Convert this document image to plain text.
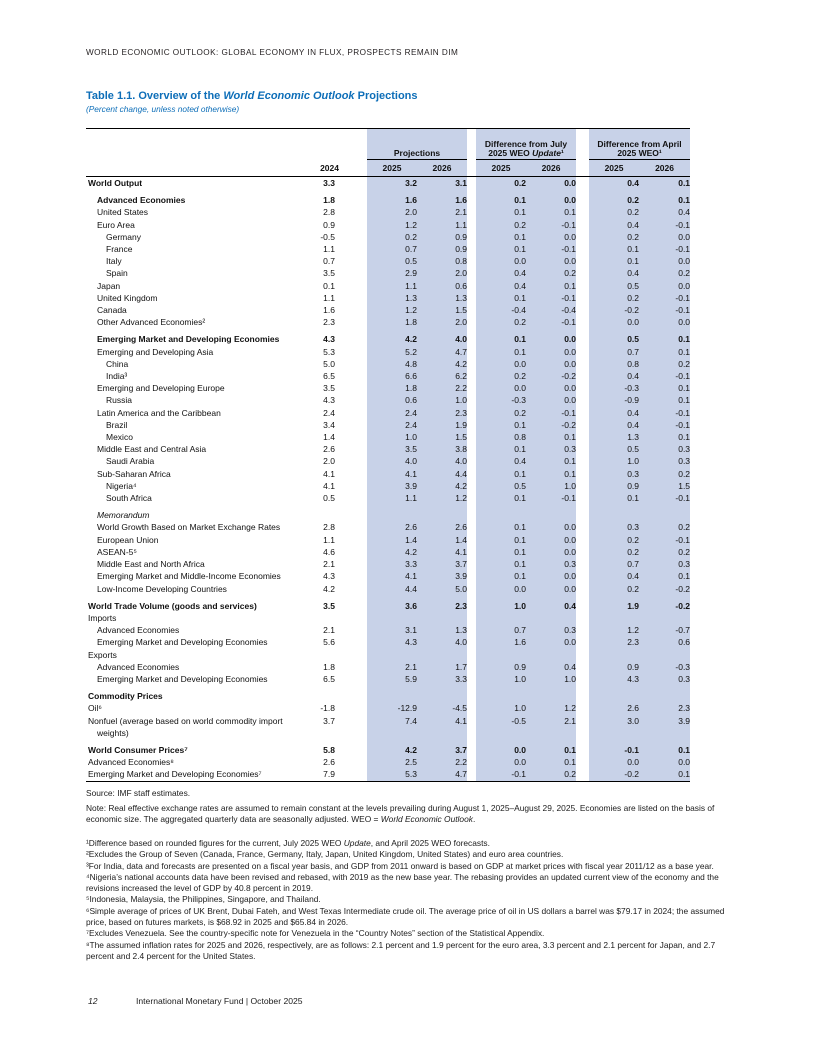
WORLD ECONOMIC OUTLOOK: GLOBAL ECONOMY IN FLUX, PROSPECTS REMAIN DIM
Table 1.1. Overview of the World Economic Outlook Projections
(Percent change, unless noted otherwise)
			Projections			Difference from July
2025 WEO Update¹			Difference from April
2025 WEO¹	
	2024		2025	2026		2025	2026		2025	2026
World Output	3.3		3.2	3.1		0.2	0.0		0.4	0.1
Advanced Economies	1.8		1.6	1.6		0.1	0.0		0.2	0.1
United States	2.8		2.0	2.1		0.1	0.1		0.2	0.4
Euro Area	0.9		1.2	1.1		0.2	-0.1		0.4	-0.1
Germany	-0.5		0.2	0.9		0.1	0.0		0.2	0.0
France	1.1		0.7	0.9		0.1	-0.1		0.1	-0.1
Italy	0.7		0.5	0.8		0.0	0.0		0.1	0.0
Spain	3.5		2.9	2.0		0.4	0.2		0.4	0.2
Japan	0.1		1.1	0.6		0.4	0.1		0.5	0.0
United Kingdom	1.1		1.3	1.3		0.1	-0.1		0.2	-0.1
Canada	1.6		1.2	1.5		-0.4	-0.4		-0.2	-0.1
Other Advanced Economies²	2.3		1.8	2.0		0.2	-0.1		0.0	0.0
Emerging Market and Developing Economies	4.3		4.2	4.0		0.1	0.0		0.5	0.1
Emerging and Developing Asia	5.3		5.2	4.7		0.1	0.0		0.7	0.1
China	5.0		4.8	4.2		0.0	0.0		0.8	0.2
India³	6.5		6.6	6.2		0.2	-0.2		0.4	-0.1
Emerging and Developing Europe	3.5		1.8	2.2		0.0	0.0		-0.3	0.1
Russia	4.3		0.6	1.0		-0.3	0.0		-0.9	0.1
Latin America and the Caribbean	2.4		2.4	2.3		0.2	-0.1		0.4	-0.1
Brazil	3.4		2.4	1.9		0.1	-0.2		0.4	-0.1
Mexico	1.4		1.0	1.5		0.8	0.1		1.3	0.1
Middle East and Central Asia	2.6		3.5	3.8		0.1	0.3		0.5	0.3
Saudi Arabia	2.0		4.0	4.0		0.4	0.1		1.0	0.3
Sub-Saharan Africa	4.1		4.1	4.4		0.1	0.1		0.3	0.2
Nigeria⁴	4.1		3.9	4.2		0.5	1.0		0.9	1.5
South Africa	0.5		1.1	1.2		0.1	-0.1		0.1	-0.1
Memorandum										
World Growth Based on Market Exchange Rates	2.8		2.6	2.6		0.1	0.0		0.3	0.2
European Union	1.1		1.4	1.4		0.1	0.0		0.2	-0.1
ASEAN-5⁵	4.6		4.2	4.1		0.1	0.0		0.2	0.2
Middle East and North Africa	2.1		3.3	3.7		0.1	0.3		0.7	0.3
Emerging Market and Middle-Income Economies	4.3		4.1	3.9		0.1	0.0		0.4	0.1
Low-Income Developing Countries	4.2		4.4	5.0		0.0	0.0		0.2	-0.2
World Trade Volume (goods and services)	3.5		3.6	2.3		1.0	0.4		1.9	-0.2
Imports										
Advanced Economies	2.1		3.1	1.3		0.7	0.3		1.2	-0.7
Emerging Market and Developing Economies	5.6		4.3	4.0		1.6	0.0		2.3	0.6
Exports										
Advanced Economies	1.8		2.1	1.7		0.9	0.4		0.9	-0.3
Emerging Market and Developing Economies	6.5		5.9	3.3		1.0	1.0		4.3	0.3
Commodity Prices										
Oil⁶	-1.8		-12.9	-4.5		1.0	1.2		2.6	2.3
Nonfuel (average based on world commodity import	3.7		7.4	4.1		-0.5	2.1		3.0	3.9
weights)										
World Consumer Prices⁷	5.8		4.2	3.7		0.0	0.1		-0.1	0.1
Advanced Economies⁸	2.6		2.5	2.2		0.0	0.1		0.0	0.0
Emerging Market and Developing Economies⁷	7.9		5.3	4.7		-0.1	0.2		-0.2	0.1
Source: IMF staff estimates.

Note: Real effective exchange rates are assumed to remain constant at the levels prevailing during August 1, 2025–August 29, 2025. Economies are listed on the basis of economic size. The aggregated quarterly data are seasonally adjusted. WEO = World Economic Outlook.

¹Difference based on rounded figures for the current, July 2025 WEO Update, and April 2025 WEO forecasts.

²Excludes the Group of Seven (Canada, France, Germany, Italy, Japan, United Kingdom, United States) and euro area countries.

³For India, data and forecasts are presented on a fiscal year basis, and GDP from 2011 onward is based on GDP at market prices with fiscal year 2011/12 as a base year.

⁴Nigeria’s national accounts data have been revised and rebased, with 2019 as the new base year. The rebasing provides an updated current view of the economy and the revisions increased the level of GDP by 40.8 percent in 2019.

⁵Indonesia, Malaysia, the Philippines, Singapore, and Thailand.

⁶Simple average of prices of UK Brent, Dubai Fateh, and West Texas Intermediate crude oil. The average price of oil in US dollars a barrel was $79.17 in 2024; the assumed price, based on futures markets, is $68.92 in 2025 and $65.84 in 2026.

⁷Excludes Venezuela. See the country-specific note for Venezuela in the “Country Notes” section of the Statistical Appendix.

⁸The assumed inflation rates for 2025 and 2026, respectively, are as follows: 2.1 percent and 1.9 percent for the euro area, 3.3 percent and 2.1 percent for Japan, and 2.7 percent and 2.4 percent for the United States.

12	International Monetary Fund | October 2025
